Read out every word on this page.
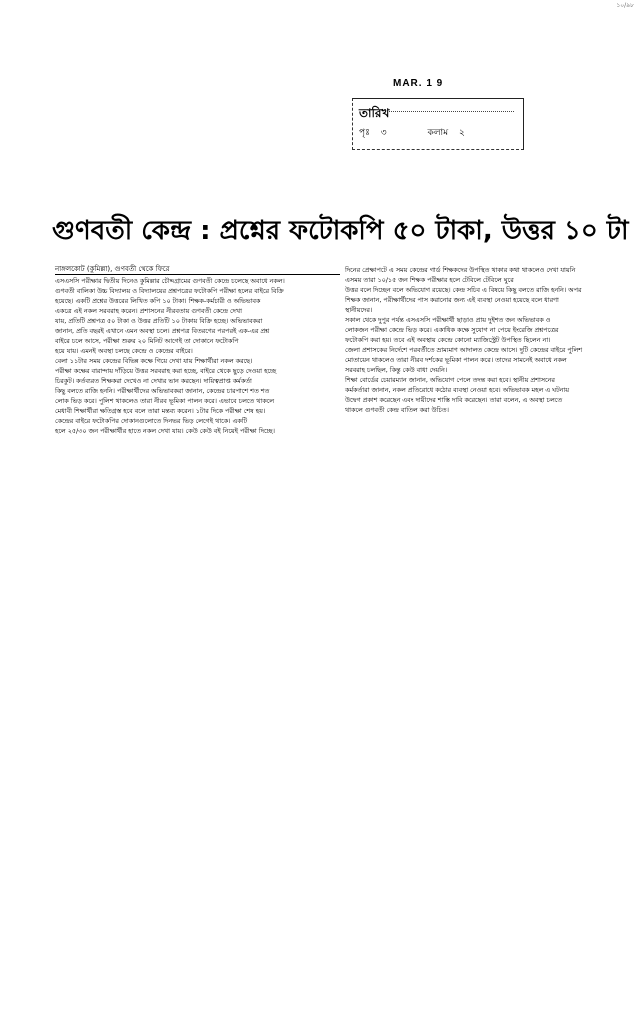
১০/৯৮
MAR. 1 9
তারিখ
পৃঃ ৩	কলাম ২
গুণবতী কেন্দ্র : প্রশ্নের ফটোকপি ৫০ টাকা, উত্তর ১০ টা
নাঙ্গলকোট (কুমিল্লা), গুণবতী থেকে ফিরে

এসএসসি পরীক্ষার দ্বিতীয় দিনেও কুমিল্লার চৌদ্দগ্রামের গুণবতী কেন্দ্রে চলেছে অবাধে নকল।

গুণবতী বালিকা উচ্চ বিদ্যালয় ও বিদ্যালয়ের প্রশ্নপত্রের ফটোকপি পরীক্ষা হলের বাইরে বিক্রি

হয়েছে। একটি প্রশ্নের উত্তরের লিখিত কপি ১০ টাকা। শিক্ষক-কর্মচারী ও অভিভাবক

একত্রে এই নকল সরবরাহ করেন। প্রশাসনের নীরবতায় গুণবতী কেন্দ্রে দেখা

যায়, প্রতিটি প্রশ্নপত্র ৫০ টাকা ও উত্তর প্রতিটি ১০ টাকায় বিক্রি হচ্ছে। অভিভাবকরা

জানান, প্রতি বছরই এখানে এমন অবস্থা চলে। প্রশ্নপত্র বিতরণের পরপরই এক-এর প্রশ্ন

বাইরে চলে আসে, পরীক্ষা শুরুর ২০ মিনিট আগেই তা দোকানে ফটোকপি

হয়ে যায়। এমনই অবস্থা চলছে কেন্দ্রে ও কেন্দ্রের বাইরে।

বেলা ১১টার সময় কেন্দ্রের বিভিন্ন কক্ষে গিয়ে দেখা যায় শিক্ষার্থীরা নকল করছে।

পরীক্ষা কক্ষের বারান্দায় দাঁড়িয়ে উত্তর সরবরাহ করা হচ্ছে, বাইরে থেকে ছুড়ে দেওয়া হচ্ছে

চিরকুট। কর্তব্যরত শিক্ষকরা দেখেও না দেখার ভান করছেন। দায়িত্বপ্রাপ্ত কর্মকর্তা

কিছু বলতে রাজি হননি। পরীক্ষার্থীদের অভিভাবকরা জানান, কেন্দ্রের চারপাশে শত শত

লোক ভিড় করে। পুলিশ থাকলেও তারা নীরব ভূমিকা পালন করে। এভাবে চলতে থাকলে

মেধাবী শিক্ষার্থীরা ক্ষতিগ্রস্ত হবে বলে তারা মন্তব্য করেন। ১টার দিকে পরীক্ষা শেষ হয়।

কেন্দ্রের বাইরে ফটোকপির দোকানগুলোতে দিনভর ভিড় লেগেই থাকে। একটি

হলে ২৫/৩০ জন পরীক্ষার্থীর হাতে নকল দেখা যায়। কেউ কেউ বই নিয়েই পরীক্ষা দিচ্ছে।

দিনের প্রেক্ষাপটে এ সময় কেন্দ্রের গার্ড শিক্ষকদের উপস্থিত থাকার কথা থাকলেও দেখা যায়নি

এসময় তারা ১০/১৫ জন শিক্ষক পরীক্ষার হলে টেবিলে টেবিলে ঘুরে

উত্তর বলে দিচ্ছেন বলে অভিযোগ রয়েছে। কেন্দ্র সচিব এ বিষয়ে কিছু বলতে রাজি হননি। অপর

শিক্ষক জানান, পরীক্ষার্থীদের পাস করানোর জন্য এই ব্যবস্থা নেওয়া হয়েছে বলে ধারণা

স্থানীয়দের।

সকাল থেকে দুপুর পর্যন্ত এসএসসি পরীক্ষার্থী ছাড়াও প্রায় দুইশত জন অভিভাবক ও

লোকজন পরীক্ষা কেন্দ্রে ভিড় করে। একাধিক কক্ষে সুযোগ না পেয়ে ইংরেজি প্রশ্নপত্রের

ফটোকপি করা হয়। তবে এই অবস্থায় কেন্দ্রে কোনো ম্যাজিস্ট্রেট উপস্থিত ছিলেন না।

জেলা প্রশাসকের নির্দেশে পরবর্তীতে ভ্রাম্যমাণ আদালত কেন্দ্রে আসে। দুটি কেন্দ্রের বাইরে পুলিশ

মোতায়েন থাকলেও তারা নীরব দর্শকের ভূমিকা পালন করে। তাদের সামনেই অবাধে নকল

সরবরাহ চলছিল, কিন্তু কেউ বাধা দেয়নি।

শিক্ষা বোর্ডের চেয়ারম্যান জানান, অভিযোগ পেলে তদন্ত করা হবে। স্থানীয় প্রশাসনের

কর্মকর্তারা জানান, নকল প্রতিরোধে কঠোর ব্যবস্থা নেওয়া হবে। অভিভাবক মহল এ ঘটনায়

উদ্বেগ প্রকাশ করেছেন এবং দায়ীদের শাস্তি দাবি করেছেন। তারা বলেন, এ অবস্থা চলতে

থাকলে গুণবতী কেন্দ্র বাতিল করা উচিত।
